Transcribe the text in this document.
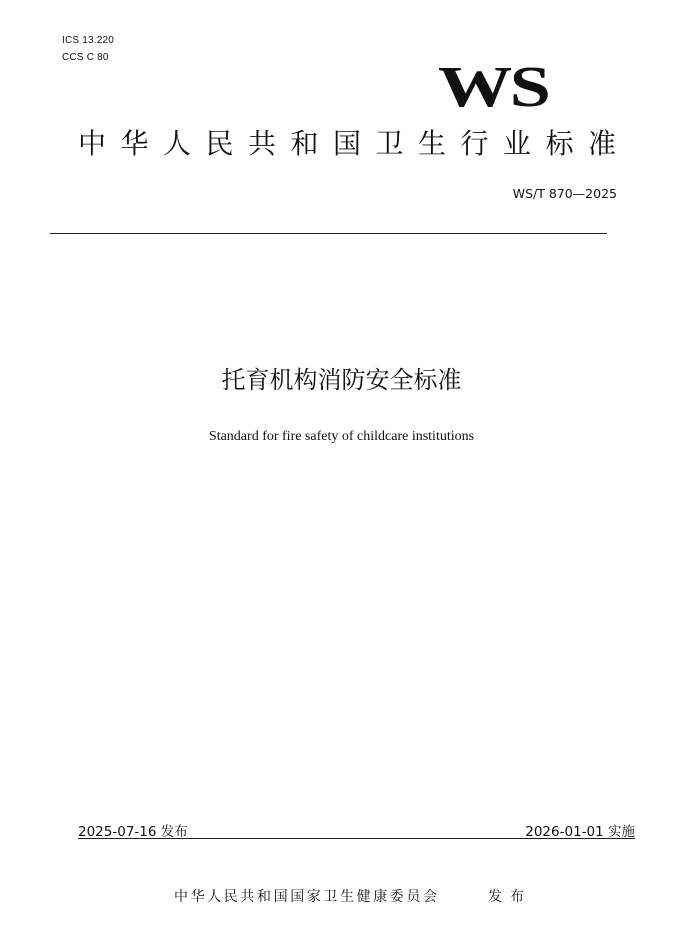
ICS 13.220
CCS C 80	WS
中华人民共和国卫生行业标准
WS/T 870—2025
托育机构消防安全标准
Standard for fire safety of childcare institutions
2025-07-16 发布	2026-01-01 实施
中华人民共和国国家卫生健康委员会	发布
